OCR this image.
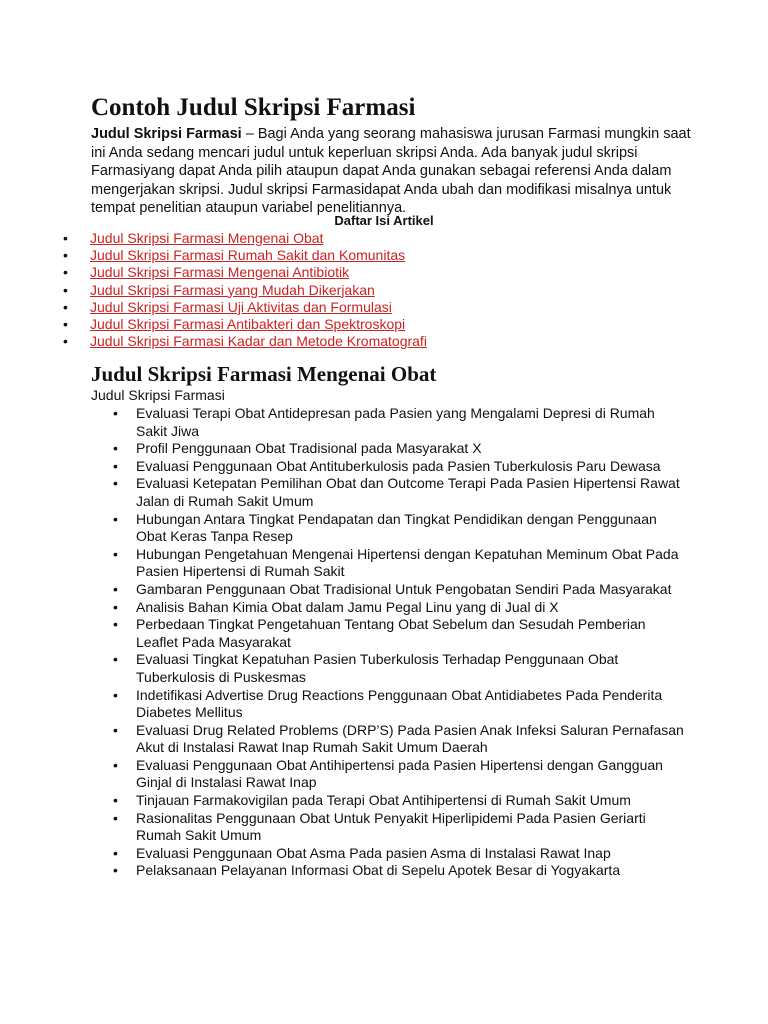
Contoh Judul Skripsi Farmasi

Judul Skripsi Farmasi – Bagi Anda yang seorang mahasiswa jurusan Farmasi mungkin saat ini Anda sedang mencari judul untuk keperluan skripsi Anda. Ada banyak judul skripsi Farmasiyang dapat Anda pilih ataupun dapat Anda gunakan sebagai referensi Anda dalam mengerjakan skripsi. Judul skripsi Farmasidapat Anda ubah dan modifikasi misalnya untuk tempat penelitian ataupun variabel penelitiannya.

Daftar Isi Artikel
• Judul Skripsi Farmasi Mengenai Obat
• Judul Skripsi Farmasi Rumah Sakit dan Komunitas
• Judul Skripsi Farmasi Mengenai Antibiotik
• Judul Skripsi Farmasi yang Mudah Dikerjakan
• Judul Skripsi Farmasi Uji Aktivitas dan Formulasi
• Judul Skripsi Farmasi Antibakteri dan Spektroskopi
• Judul Skripsi Farmasi Kadar dan Metode Kromatografi
Judul Skripsi Farmasi Mengenai Obat
Judul Skripsi Farmasi
• Evaluasi Terapi Obat Antidepresan pada Pasien yang Mengalami Depresi di Rumah Sakit Jiwa
• Profil Penggunaan Obat Tradisional pada Masyarakat X
• Evaluasi Penggunaan Obat Antituberkulosis pada Pasien Tuberkulosis Paru Dewasa
• Evaluasi Ketepatan Pemilihan Obat dan Outcome Terapi Pada Pasien Hipertensi Rawat Jalan di Rumah Sakit Umum
• Hubungan Antara Tingkat Pendapatan dan Tingkat Pendidikan dengan Penggunaan Obat Keras Tanpa Resep
• Hubungan Pengetahuan Mengenai Hipertensi dengan Kepatuhan Meminum Obat Pada Pasien Hipertensi di Rumah Sakit
• Gambaran Penggunaan Obat Tradisional Untuk Pengobatan Sendiri Pada Masyarakat
• Analisis Bahan Kimia Obat dalam Jamu Pegal Linu yang di Jual di X
• Perbedaan Tingkat Pengetahuan Tentang Obat Sebelum dan Sesudah Pemberian Leaflet Pada Masyarakat
• Evaluasi Tingkat Kepatuhan Pasien Tuberkulosis Terhadap Penggunaan Obat Tuberkulosis di Puskesmas
• Indetifikasi Advertise Drug Reactions Penggunaan Obat Antidiabetes Pada Penderita Diabetes Mellitus
• Evaluasi Drug Related Problems (DRP’S) Pada Pasien Anak Infeksi Saluran Pernafasan Akut di Instalasi Rawat Inap Rumah Sakit Umum Daerah
• Evaluasi Penggunaan Obat Antihipertensi pada Pasien Hipertensi dengan Gangguan Ginjal di Instalasi Rawat Inap
• Tinjauan Farmakovigilan pada Terapi Obat Antihipertensi di Rumah Sakit Umum
• Rasionalitas Penggunaan Obat Untuk Penyakit Hiperlipidemi Pada Pasien Geriarti Rumah Sakit Umum
• Evaluasi Penggunaan Obat Asma Pada pasien Asma di Instalasi Rawat Inap
• Pelaksanaan Pelayanan Informasi Obat di Sepelu Apotek Besar di Yogyakarta
